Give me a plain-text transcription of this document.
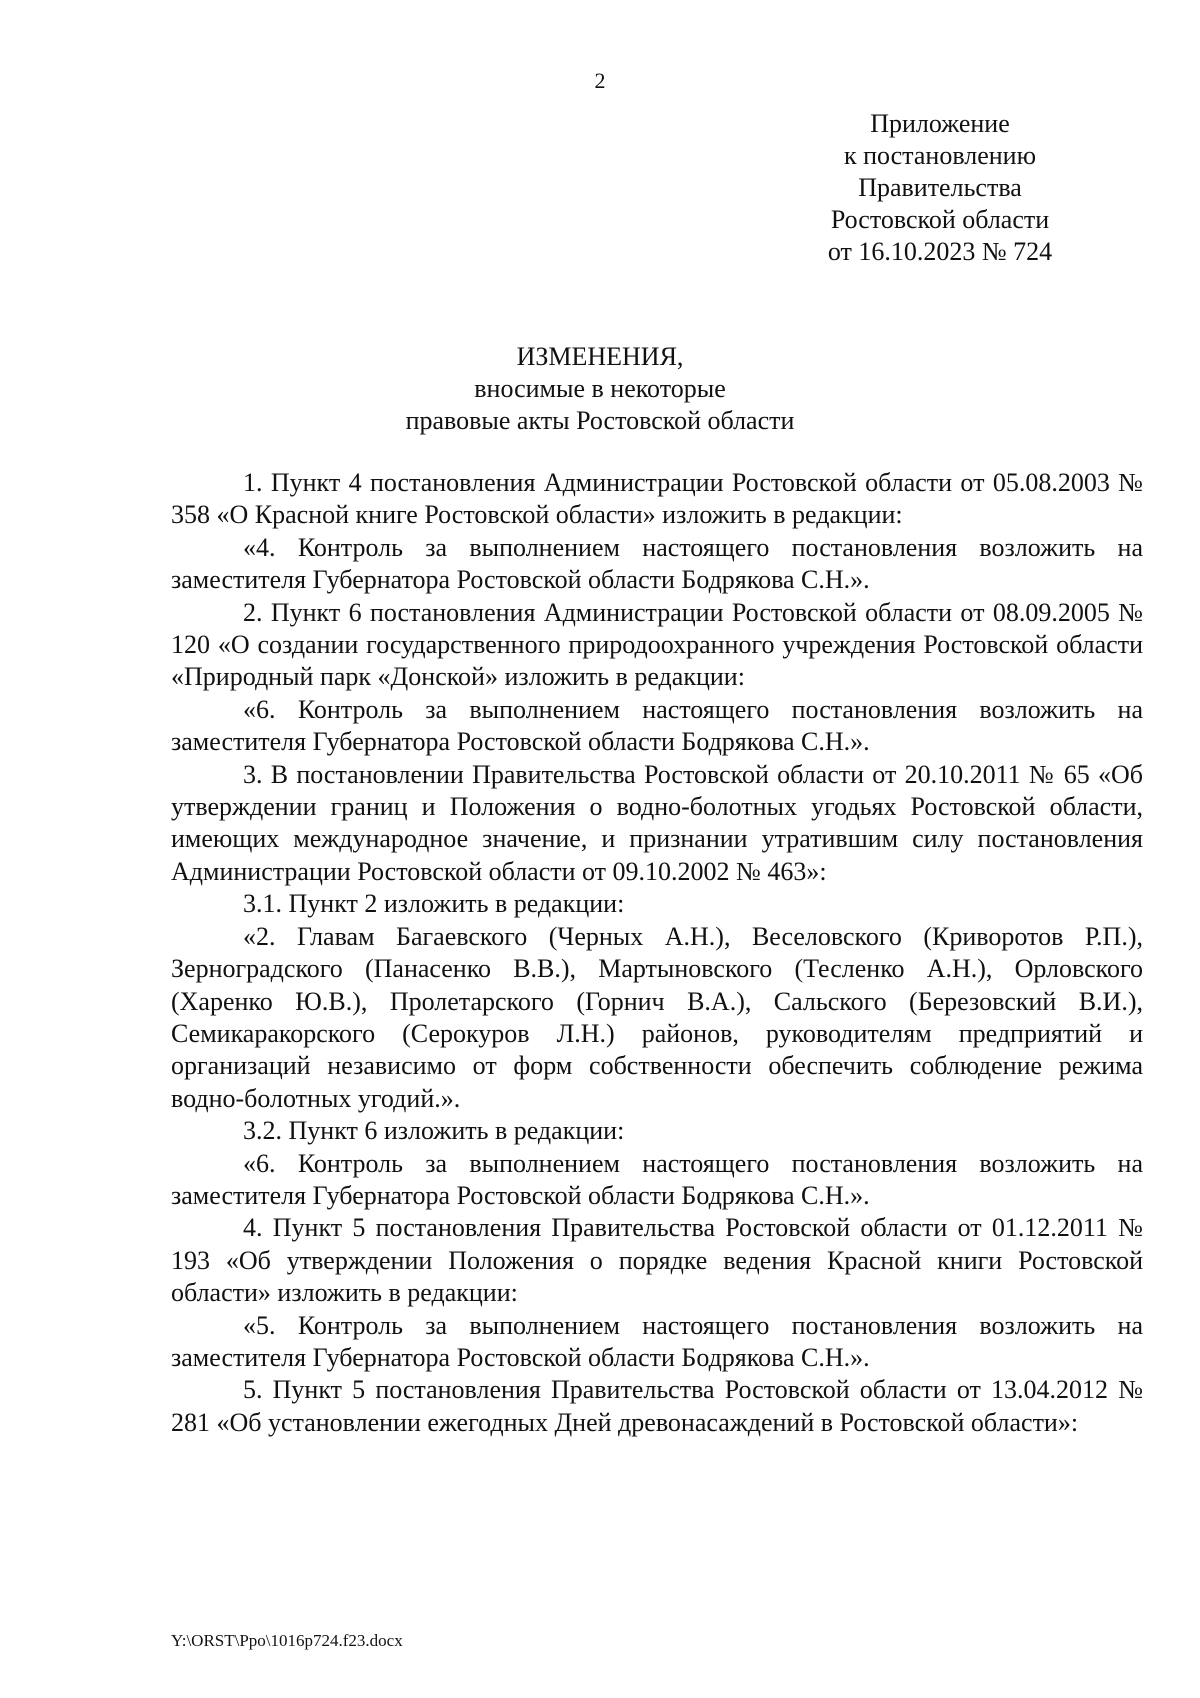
2
Приложение
к постановлению
Правительства
Ростовской области
от 16.10.2023 № 724
ИЗМЕНЕНИЯ,
вносимые в некоторые
правовые акты Ростовской области

1. Пункт 4 постановления Администрации Ростовской области от 05.08.2003 № 358 «О Красной книге Ростовской области» изложить в редакции:

«4. Контроль за выполнением настоящего постановления возложить на заместителя Губернатора Ростовской области Бодрякова С.Н.».

2. Пункт 6 постановления Администрации Ростовской области от 08.09.2005 № 120 «О создании государственного природоохранного учреждения Ростовской области «Природный парк «Донской» изложить в редакции:

«6. Контроль за выполнением настоящего постановления возложить на заместителя Губернатора Ростовской области Бодрякова С.Н.».

3. В постановлении Правительства Ростовской области от 20.10.2011 № 65 «Об утверждении границ и Положения о водно-болотных угодьях Ростовской области, имеющих международное значение, и признании утратившим силу постановления Администрации Ростовской области от 09.10.2002 № 463»:

3.1. Пункт 2 изложить в редакции:

«2. Главам Багаевского (Черных А.Н.), Веселовского (Криворотов Р.П.), Зерноградского (Панасенко В.В.), Мартыновского (Тесленко А.Н.), Орловского (Харенко Ю.В.), Пролетарского (Горнич В.А.), Сальского (Березовский В.И.), Семикаракорского (Серокуров Л.Н.) районов, руководителям предприятий и организаций независимо от форм собственности обеспечить соблюдение режима водно-болотных угодий.».

3.2. Пункт 6 изложить в редакции:

«6. Контроль за выполнением настоящего постановления возложить на заместителя Губернатора Ростовской области Бодрякова С.Н.».

4. Пункт 5 постановления Правительства Ростовской области от 01.12.2011 № 193 «Об утверждении Положения о порядке ведения Красной книги Ростовской области» изложить в редакции:

«5. Контроль за выполнением настоящего постановления возложить на заместителя Губернатора Ростовской области Бодрякова С.Н.».

5. Пункт 5 постановления Правительства Ростовской области от 13.04.2012 № 281 «Об установлении ежегодных Дней древонасаждений в Ростовской области»:

Y:\ORST\Ppo\1016p724.f23.docx
